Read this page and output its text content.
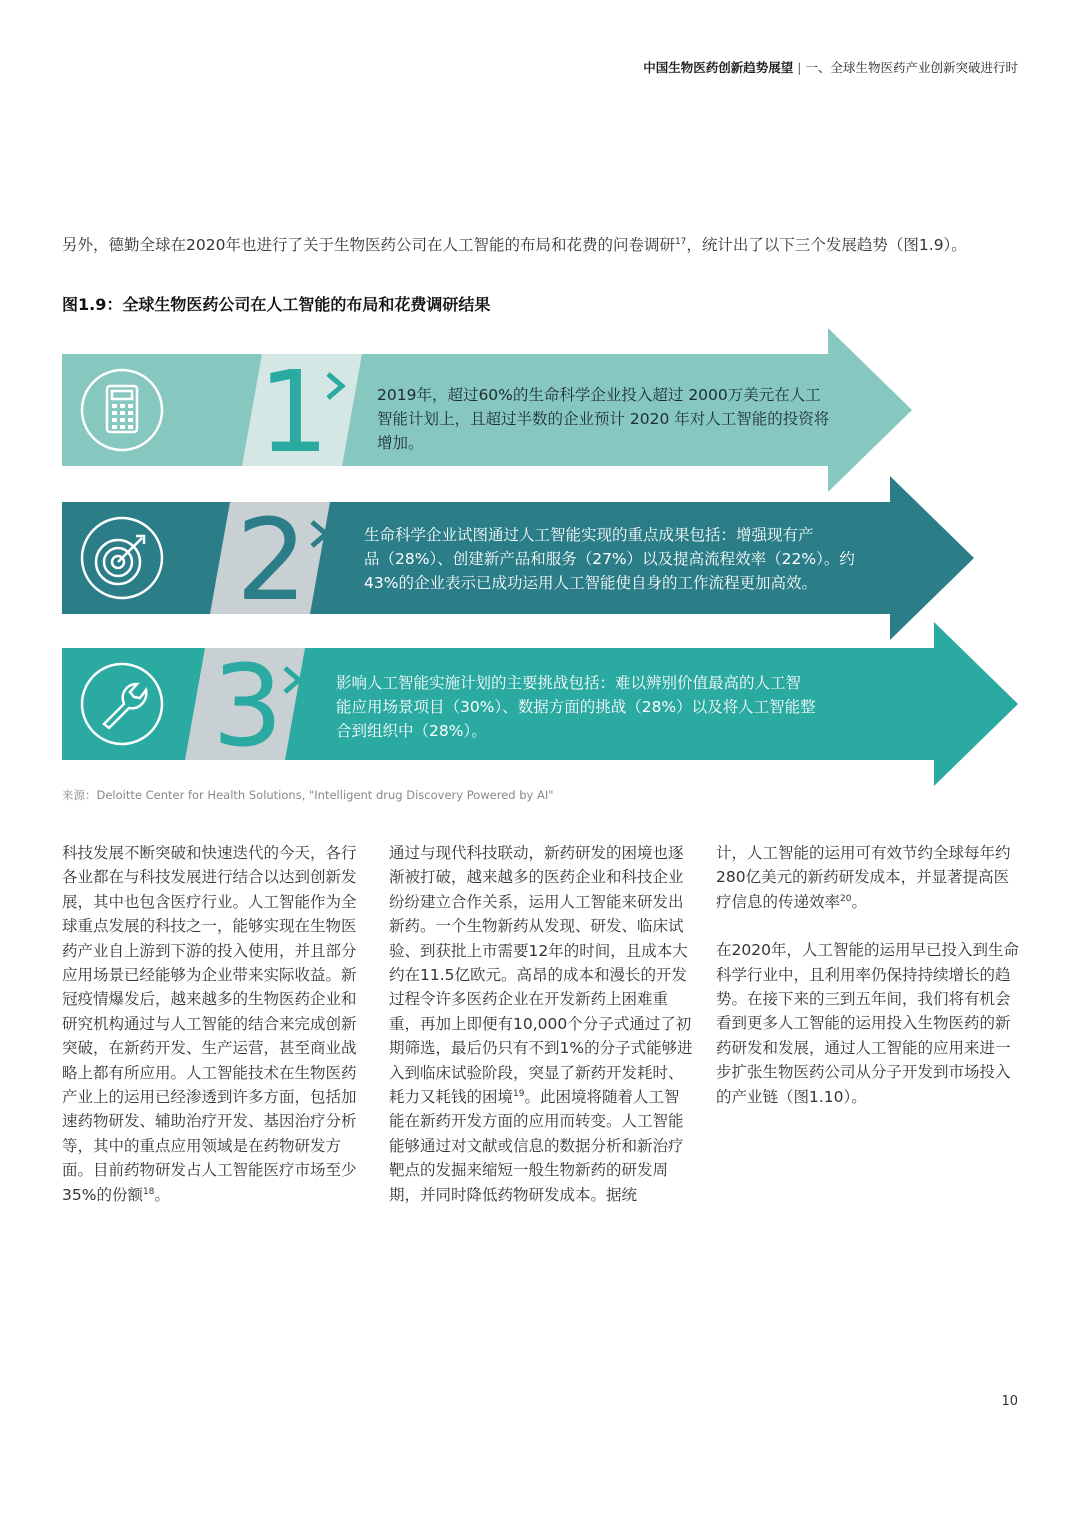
中国生物医药创新趋势展望 | 一、全球生物医药产业创新突破进行时
另外，德勤全球在2020年也进行了关于生物医药公司在人工智能的布局和花费的问卷调研$^{17}$，统计出了以下三个发展趋势（图1.9）。
图1.9：全球生物医药公司在人工智能的布局和花费调研结果
1
2
3
2019年，超过60%的生命科学企业投入超过 2000万美元在人工
智能计划上，且超过半数的企业预计 2020 年对人工智能的投资将
增加。
生命科学企业试图通过人工智能实现的重点成果包括：增强现有产
品（28%）、创建新产品和服务（27%）以及提高流程效率（22%）。约
43%的企业表示已成功运用人工智能使自身的工作流程更加高效。
影响人工智能实施计划的主要挑战包括：难以辨别价值最高的人工智
能应用场景项目（30%）、数据方面的挑战（28%）以及将人工智能整
合到组织中（28%）。
来源：Deloitte Center for Health Solutions, "Intelligent drug Discovery Powered by AI"

科技发展不断突破和快速迭代的今天，各行各业都在与科技发展进行结合以达到创新发展，其中也包含医疗行业。人工智能作为全球重点发展的科技之一，能够实现在生物医药产业自上游到下游的投入使用，并且部分应用场景已经能够为企业带来实际收益。新冠疫情爆发后，越来越多的生物医药企业和研究机构通过与人工智能的结合来完成创新突破，在新药开发、生产运营，甚至商业战略上都有所应用。人工智能技术在生物医药产业上的运用已经渗透到许多方面，包括加速药物研发、辅助治疗开发、基因治疗分析等，其中的重点应用领域是在药物研发方面。目前药物研发占人工智能医疗市场至少35%的份额$^{18}$。

通过与现代科技联动，新药研发的困境也逐渐被打破，越来越多的医药企业和科技企业纷纷建立合作关系，运用人工智能来研发出新药。一个生物新药从发现、研发、临床试验、到获批上市需要12年的时间，且成本大约在11.5亿欧元。高昂的成本和漫长的开发过程令许多医药企业在开发新药上困难重重，再加上即便有10,000个分子式通过了初期筛选，最后仍只有不到1%的分子式能够进入到临床试验阶段，突显了新药开发耗时、耗力又耗钱的困境$^{19}$。此困境将随着人工智能在新药开发方面的应用而转变。人工智能能够通过对文献或信息的数据分析和新治疗靶点的发掘来缩短一般生物新药的研发周期，并同时降低药物研发成本。据统

计，人工智能的运用可有效节约全球每年约280亿美元的新药研发成本，并显著提高医疗信息的传递效率$^{20}$。

在2020年，人工智能的运用早已投入到生命科学行业中，且利用率仍保持持续增长的趋势。在接下来的三到五年间，我们将有机会看到更多人工智能的运用投入生物医药的新药研发和发展，通过人工智能的应用来进一步扩张生物医药公司从分子开发到市场投入的产业链（图1.10）。

10
